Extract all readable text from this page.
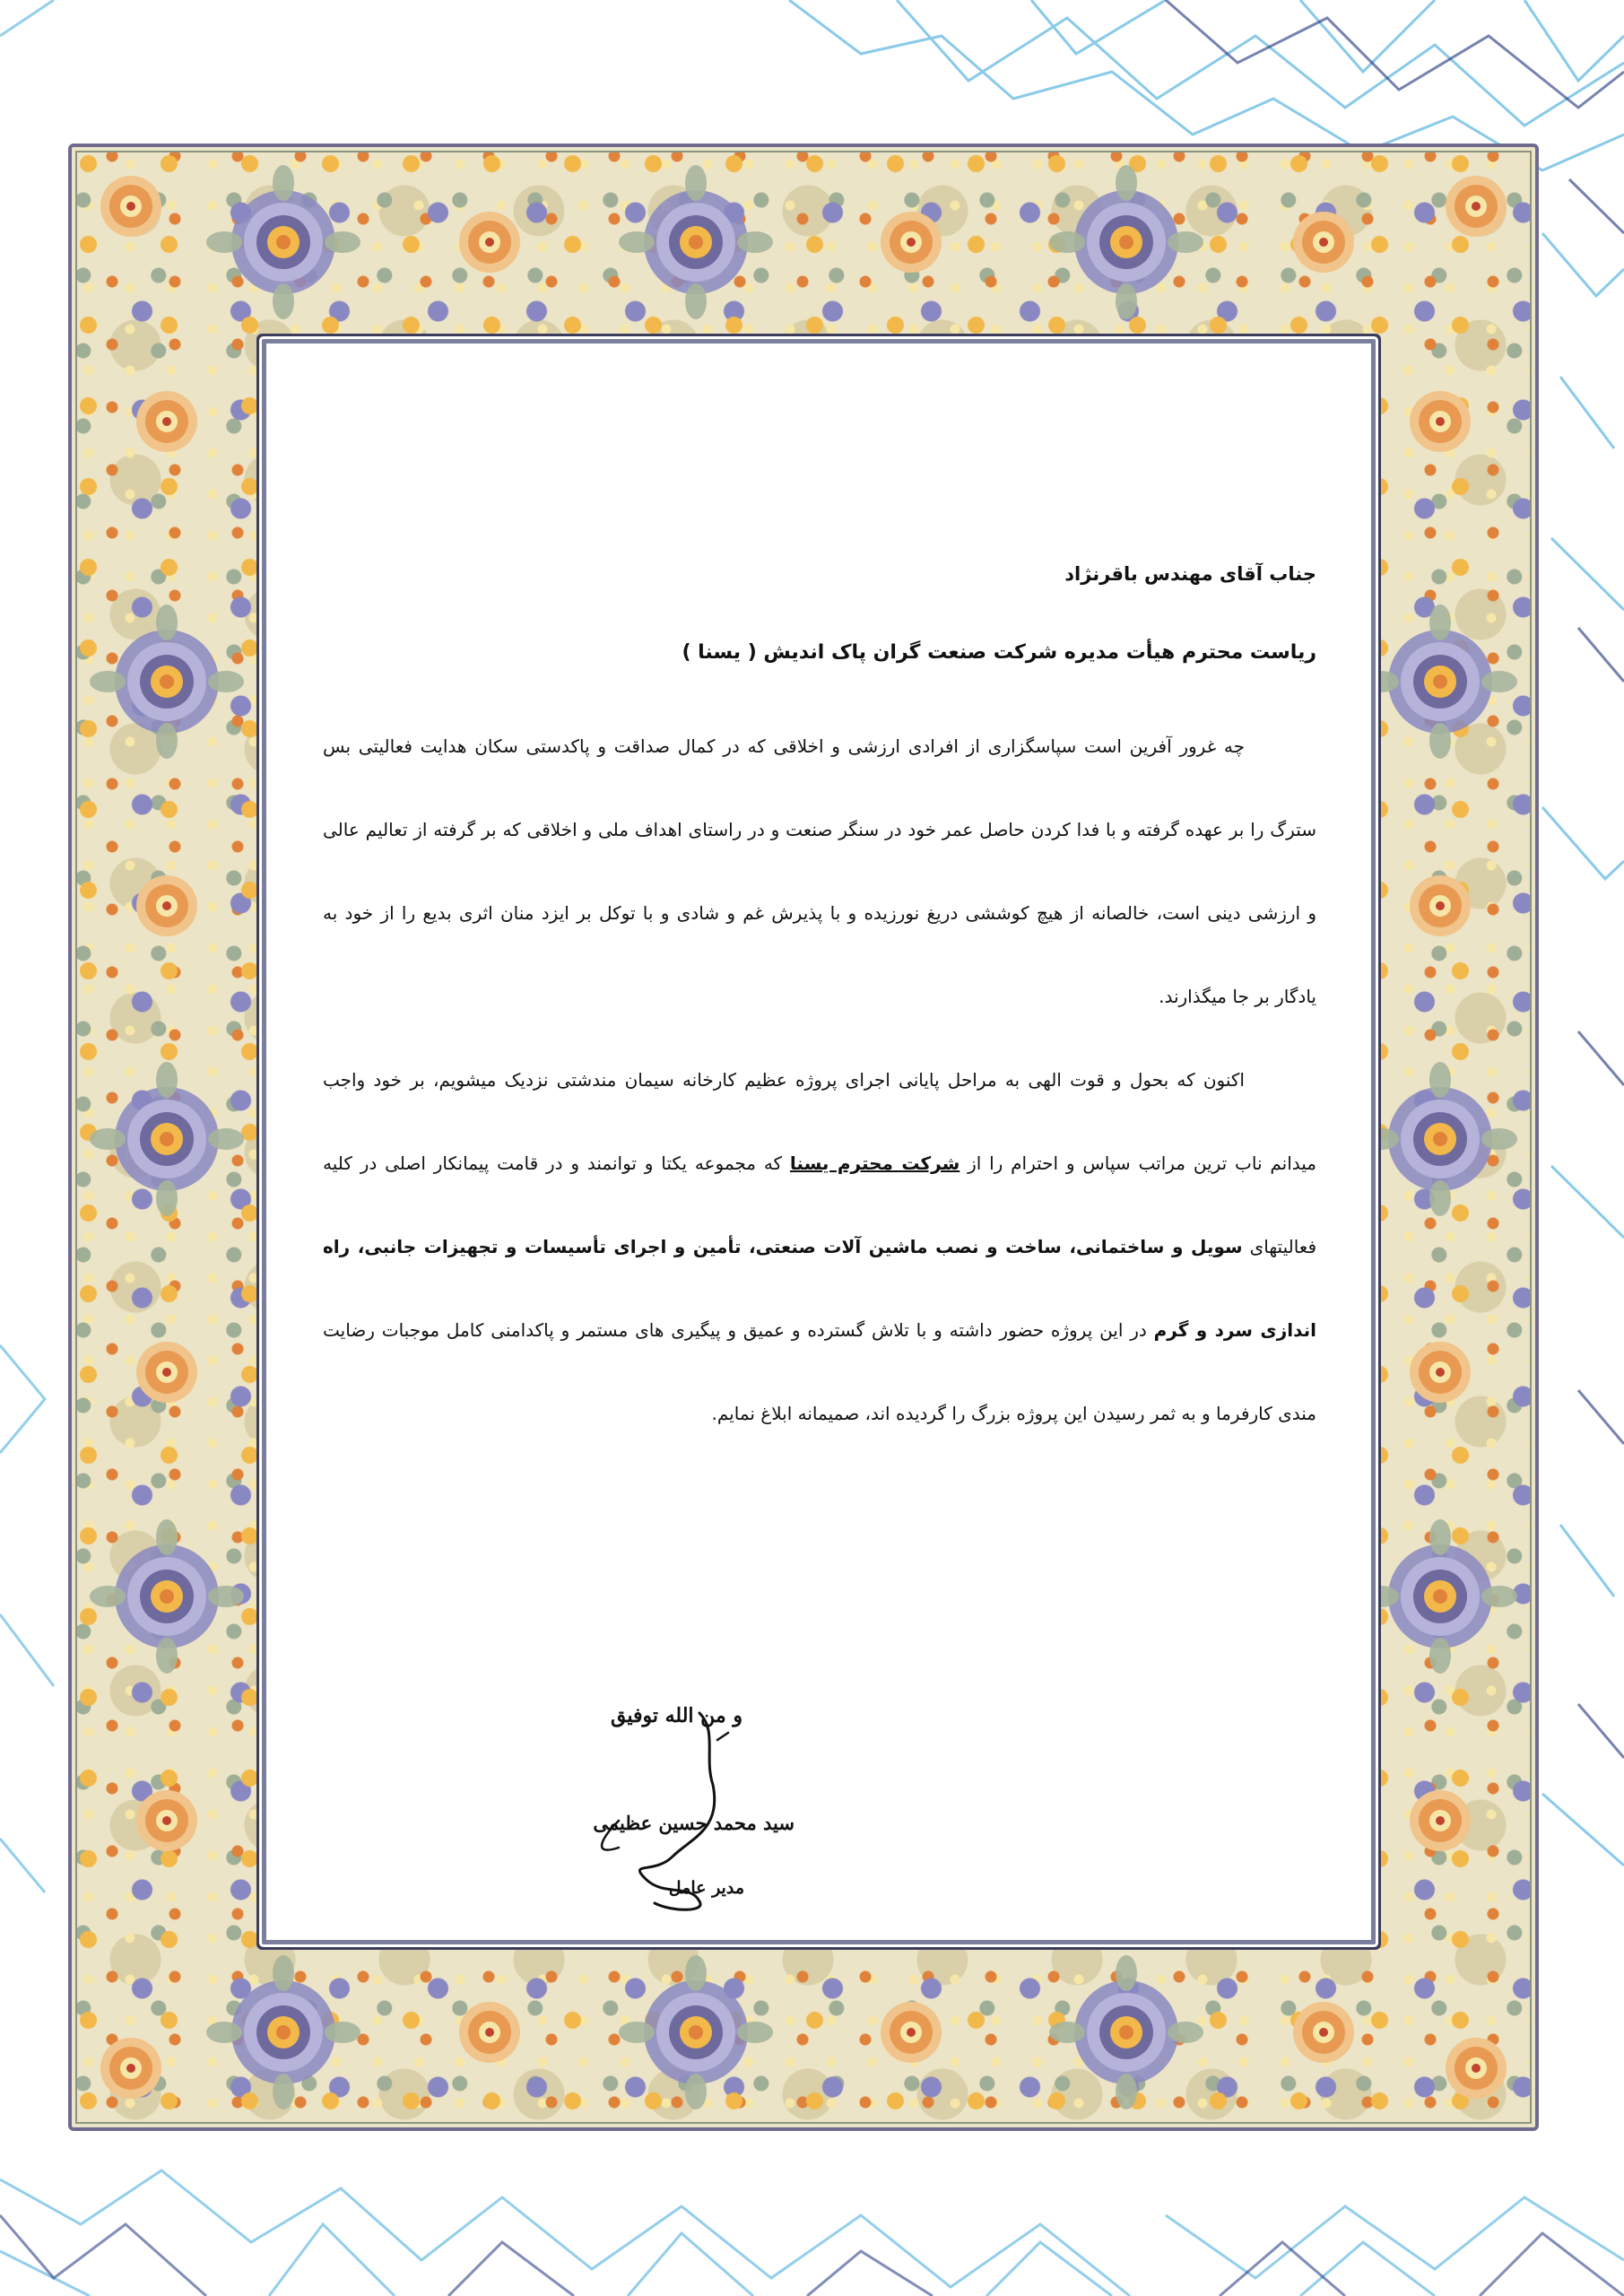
جناب آقای مهندس باقرنژاد

ریاست محترم هیأت مدیره شرکت صنعت گران پاک اندیش ( یسنا )

چه غرور آفرین است سپاسگزاری از افرادی ارزشی و اخلاقی که در کمال صداقت و پاکدستی سکان هدایت فعالیتی بس سترگ را بر عهده گرفته و با فدا کردن حاصل عمر خود در سنگر صنعت و در راستای اهداف ملی و اخلاقی که بر گرفته از تعالیم عالی و ارزشی دینی است، خالصانه از هیچ کوششی دریغ نورزیده و با پذیرش غم و شادی و با توکل بر ایزد منان اثری بدیع را از خود به یادگار بر جا میگذارند.

اکنون که بحول و قوت الهی به مراحل پایانی اجرای پروژه عظیم کارخانه سیمان مندشتی نزدیک میشویم، بر خود واجب میدانم ناب ترین مراتب سپاس و احترام را از شرکت محترم یسنا که مجموعه یکتا و توانمند و در قامت پیمانکار اصلی در کلیه فعالیتهای سویل و ساختمانی، ساخت و نصب ماشین آلات صنعتی، تأمین و اجرای تأسیسات و تجهیزات جانبی، راه اندازی سرد و گرم در این پروژه حضور داشته و با تلاش گسترده و عمیق و پیگیری های مستمر و پاکدامنی کامل موجبات رضایت مندی کارفرما و به ثمر رسیدن این پروژه بزرگ را گردیده اند، صمیمانه ابلاغ نمایم.

و من الله توفیق
سید محمد حسین عظیمی
مدیر عامل
